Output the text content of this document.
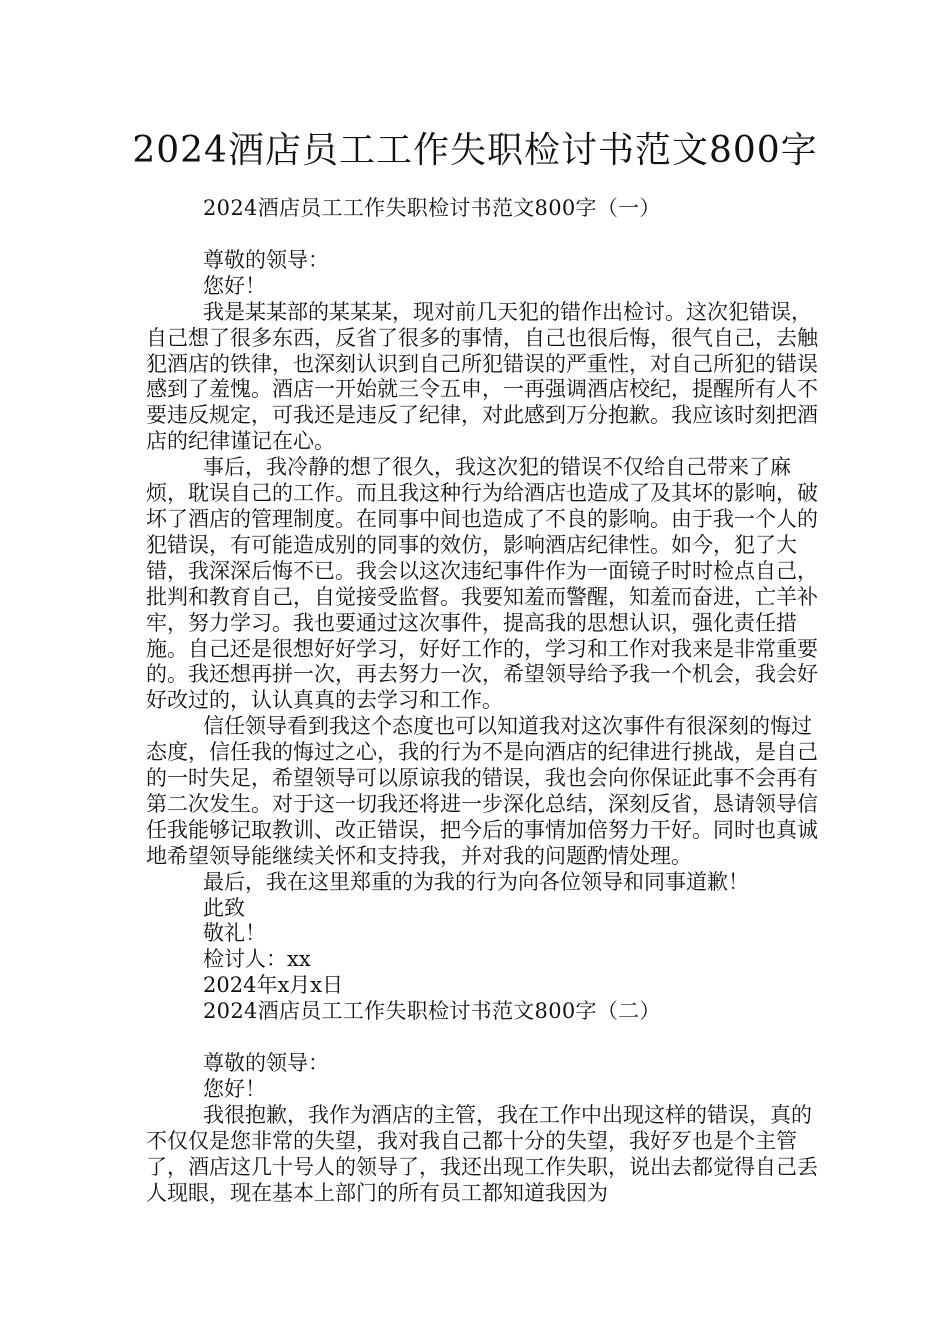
2024酒店员工工作失职检讨书范文800字

2024酒店员工工作失职检讨书范文800字（一）

尊敬的领导：

您好！

我是某某部的某某某，现对前几天犯的错作出检讨。这次犯错误，自己想了很多东西，反省了很多的事情，自己也很后悔，很气自己，去触犯酒店的铁律，也深刻认识到自己所犯错误的严重性，对自己所犯的错误感到了羞愧。酒店一开始就三令五申，一再强调酒店校纪，提醒所有人不要违反规定，可我还是违反了纪律，对此感到万分抱歉。我应该时刻把酒店的纪律谨记在心。

事后，我冷静的想了很久，我这次犯的错误不仅给自己带来了麻烦，耽误自己的工作。而且我这种行为给酒店也造成了及其坏的影响，破坏了酒店的管理制度。在同事中间也造成了不良的影响。由于我一个人的犯错误，有可能造成别的同事的效仿，影响酒店纪律性。如今，犯了大错，我深深后悔不已。我会以这次违纪事件作为一面镜子时时检点自己，批判和教育自己，自觉接受监督。我要知羞而警醒，知羞而奋进，亡羊补牢，努力学习。我也要通过这次事件，提高我的思想认识，强化责任措施。自己还是很想好好学习，好好工作的，学习和工作对我来是非常重要的。我还想再拼一次，再去努力一次，希望领导给予我一个机会，我会好好改过的，认认真真的去学习和工作。

信任领导看到我这个态度也可以知道我对这次事件有很深刻的悔过态度，信任我的悔过之心，我的行为不是向酒店的纪律进行挑战，是自己的一时失足，希望领导可以原谅我的错误，我也会向你保证此事不会再有第二次发生。对于这一切我还将进一步深化总结，深刻反省，恳请领导信任我能够记取教训、改正错误，把今后的事情加倍努力干好。同时也真诚地希望领导能继续关怀和支持我，并对我的问题酌情处理。

最后，我在这里郑重的为我的行为向各位领导和同事道歉！

此致

敬礼！

检讨人：xx

2024年x月x日

2024酒店员工工作失职检讨书范文800字（二）

尊敬的领导：

您好！

我很抱歉，我作为酒店的主管，我在工作中出现这样的错误，真的不仅仅是您非常的失望，我对我自己都十分的失望，我好歹也是个主管了，酒店这几十号人的领导了，我还出现工作失职，说出去都觉得自己丢人现眼，现在基本上部门的所有员工都知道我因为
